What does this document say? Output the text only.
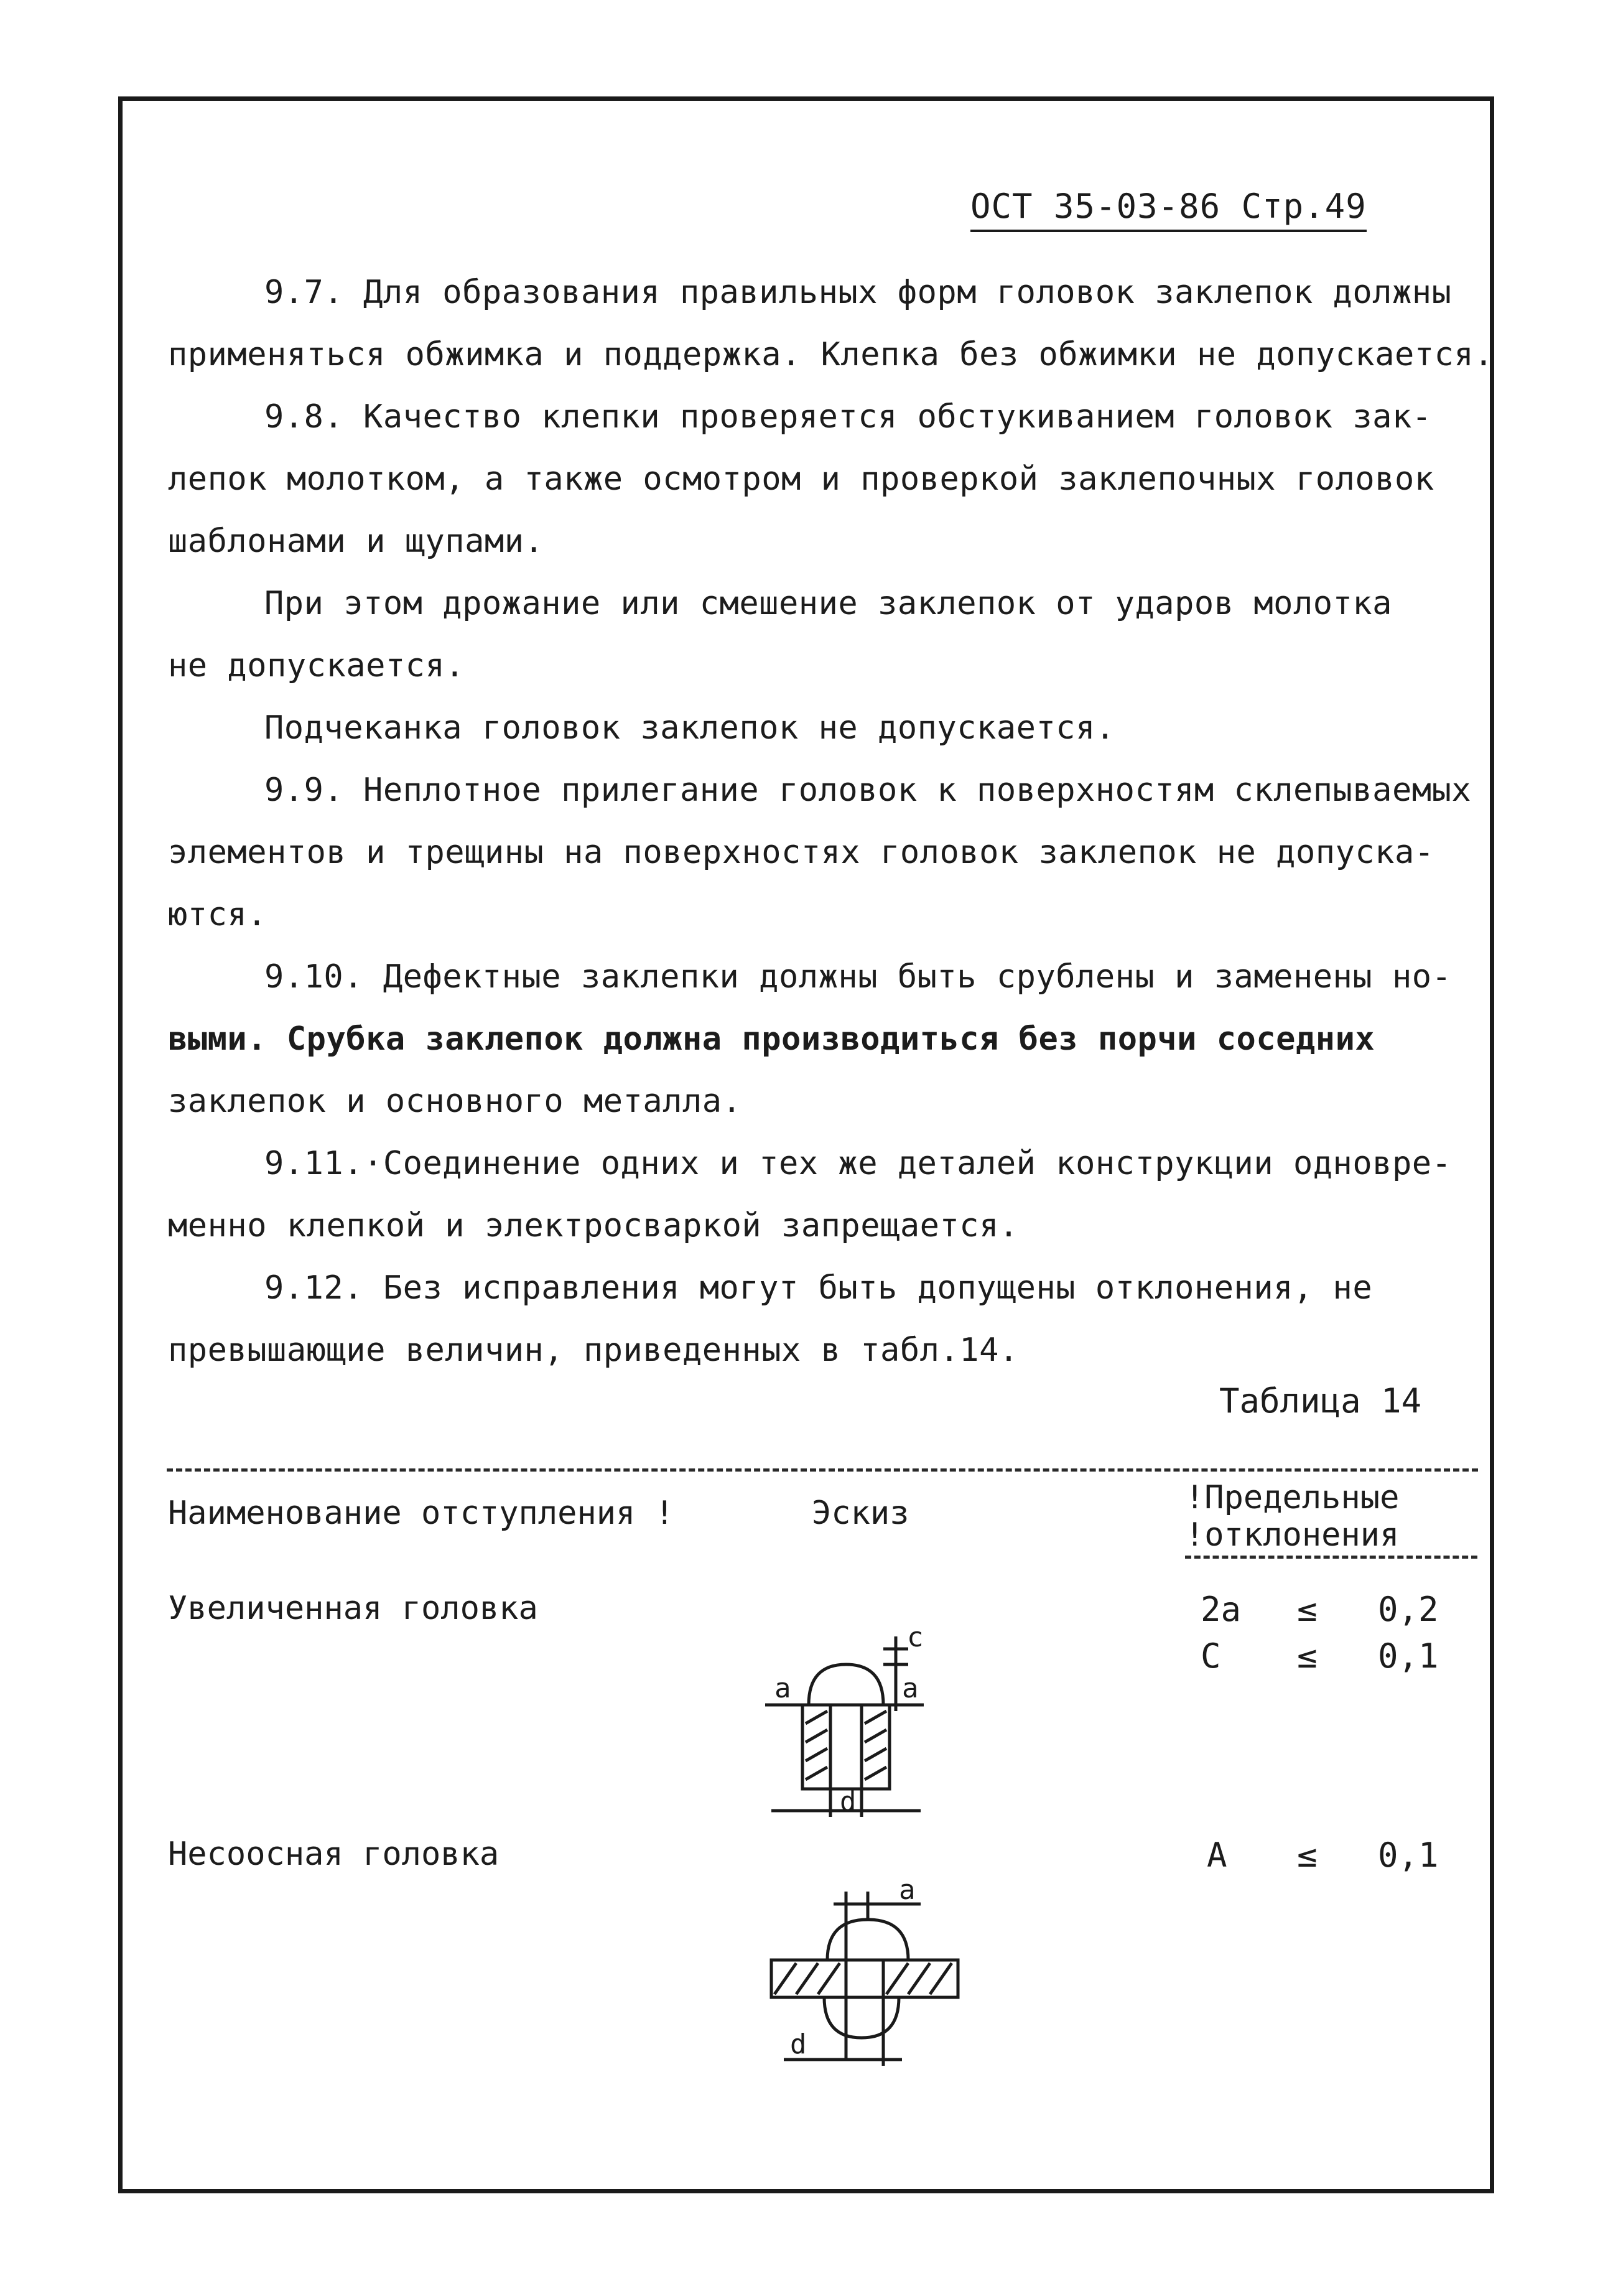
ОСТ 35-03-86 Стр.49
9.7. Для образования правильных форм головок заклепок должны
применяться обжимка и поддержка. Клепка без обжимки не допускается.
9.8. Качество клепки проверяется обстукиванием головок зак-
лепок молотком, а также осмотром и проверкой заклепочных головок
шаблонами и щупами.
При этом дрожание или смешение заклепок от ударов молотка
не допускается.
Подчеканка головок заклепок не допускается.
9.9. Неплотное прилегание головок к поверхностям склепываемых
элементов и трещины на поверхностях головок заклепок не допуска-
ются.
9.10. Дефектные заклепки должны быть срублены и заменены но-
выми. Срубка заклепок должна производиться без порчи соседних
заклепок и основного металла.
9.11.·Соединение одних и тех же деталей конструкции одновре-
менно клепкой и электросваркой запрещается.
9.12. Без исправления могут быть допущены отклонения, не
превышающие величин, приведенных в табл.14.
Таблица 14
Наименование отступления !	Эскиз	!Предельные
!отклонения
Увеличенная головка	2a ≤ 0,2
C ≤ 0,1
a	a
c
d
Несоосная головка	A ≤ 0,1
a
d
